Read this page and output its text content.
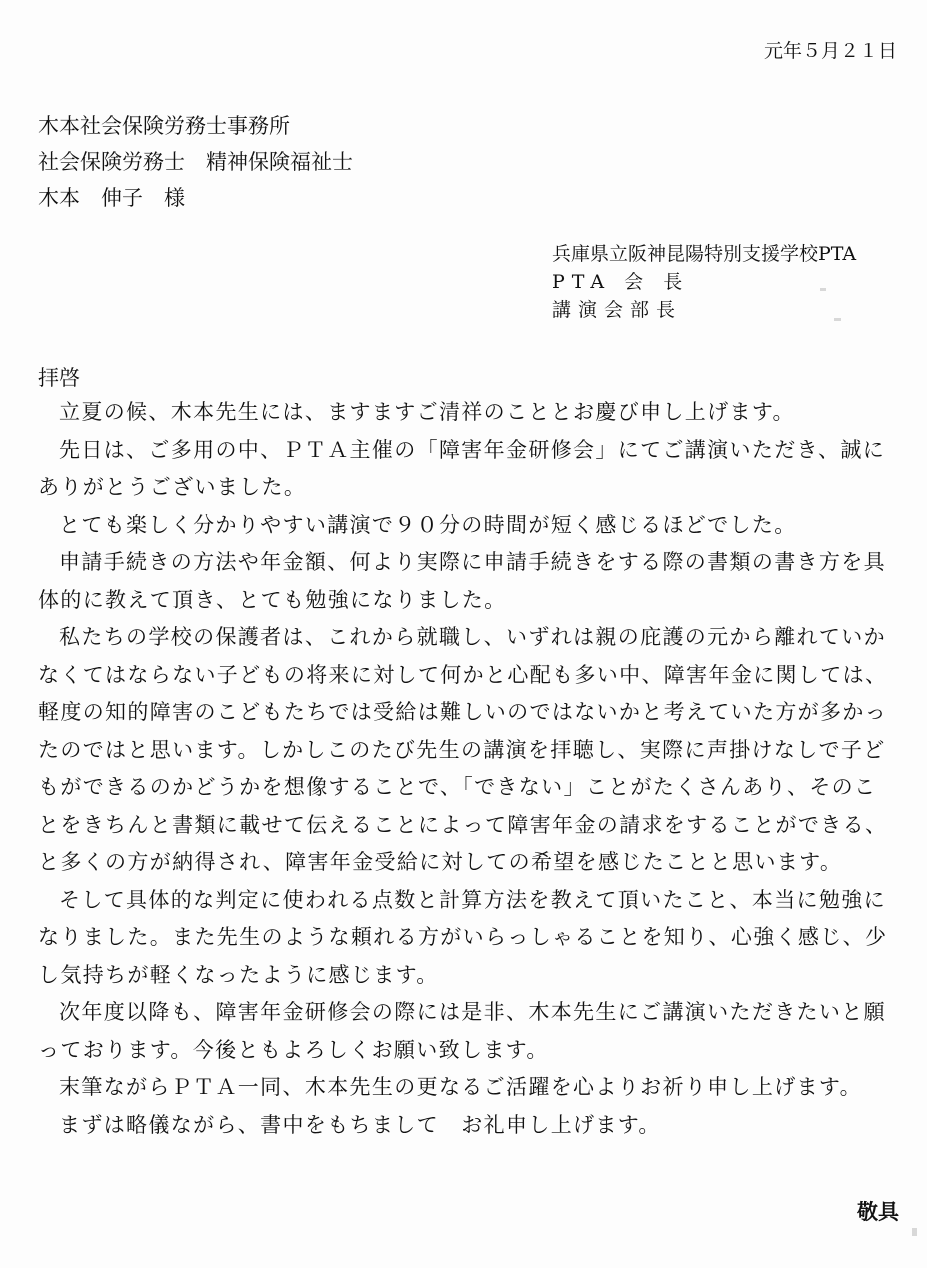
元年５月２１日
木本社会保険労務士事務所
社会保険労務士　精神保険福祉士
木本　伸子　様
兵庫県立阪神昆陽特別支援学校PTA
PTA 会 長
講演会部長
拝啓

立夏の候、木本先生には、ますますご清祥のこととお慶び申し上げます。

先日は、ご多用の中、ＰＴＡ主催の「障害年金研修会」にてご講演いただき、誠にありがとうございました。

とても楽しく分かりやすい講演で９０分の時間が短く感じるほどでした。

申請手続きの方法や年金額、何より実際に申請手続きをする際の書類の書き方を具体的に教えて頂き、とても勉強になりました。

私たちの学校の保護者は、これから就職し、いずれは親の庇護の元から離れていかなくてはならない子どもの将来に対して何かと心配も多い中、障害年金に関しては、軽度の知的障害のこどもたちでは受給は難しいのではないかと考えていた方が多かったのではと思います。しかしこのたび先生の講演を拝聴し、実際に声掛けなしで子どもができるのかどうかを想像することで、「できない」ことがたくさんあり、そのことをきちんと書類に載せて伝えることによって障害年金の請求をすることができる、と多くの方が納得され、障害年金受給に対しての希望を感じたことと思います。

そして具体的な判定に使われる点数と計算方法を教えて頂いたこと、本当に勉強になりました。また先生のような頼れる方がいらっしゃることを知り、心強く感じ、少し気持ちが軽くなったように感じます。

次年度以降も、障害年金研修会の際には是非、木本先生にご講演いただきたいと願っております。今後ともよろしくお願い致します。

末筆ながらＰＴＡ一同、木本先生の更なるご活躍を心よりお祈り申し上げます。

まずは略儀ながら、書中をもちまして　お礼申し上げます。

敬具
